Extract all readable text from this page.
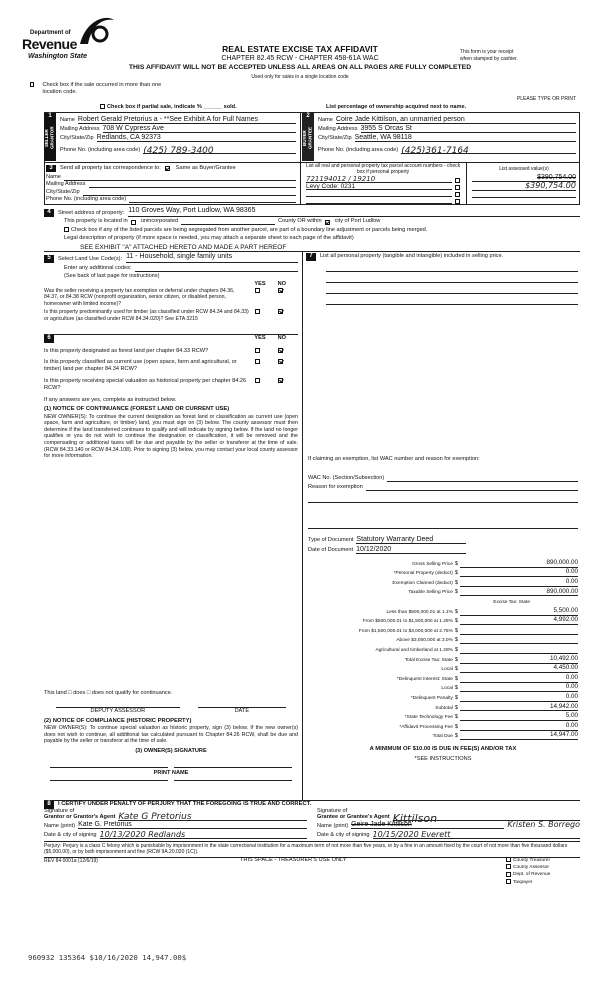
Department of
Revenue
Washington State
REAL ESTATE EXCISE TAX AFFIDAVIT
CHAPTER 82.45 RCW - CHAPTER 458-61A WAC
THIS AFFIDAVIT WILL NOT BE ACCEPTED UNLESS ALL AREAS ON ALL PAGES ARE FULLY COMPLETED
Used only for sales in a single location code
This form is your receipt
when stamped by cashier.
Check box if the sale occurred in more than one location code.
PLEASE TYPE OR PRINT
Check box if partial sale, indicate % ______ sold.	List percentage of ownership acquired next to name.
1
SELLER GRANTOR
Name Robert Gerald Pretorius a - **See Exhibit A for Full Names
Mailing Address 708 W Cypress Ave
City/State/Zip Redlands, CA 92373
Phone No. (including area code) (425) 789-3400
2
BUYER GRANTEE
Name Coire Jade Kittilson, an unmarried person
Mailing Address 3955 S Orcas St
City/State/Zip Seattle, WA 98118
Phone No. (including area code) (425)361-7164
3	Send all property tax correspondence to:	Same as Buyer/Grantee
Name
Mailing Address
City/State/Zip
Phone No. (including area code)
List all real and personal property tax parcel account numbers - check box if personal property
List assessed value(s)
721194012 / 19210
Levy Code: 0231
$390,754.00
$390,754.00
4	Street address of property: 110 Groves Way, Port Ludlow, WA 98365
This property is located in unincorporated	County OR within city of Port Ludlow
Check box if any of the listed parcels are being segregated from another parcel, are part of a boundary line adjustment or parcels being merged.
Legal description of property (if more space is needed, you may attach a separate sheet to each page of the affidavit)
SEE EXHIBIT "A" ATTACHED HERETO AND MADE A PART HEREOF
5	Select Land Use Code(s): 11 - Household, single family units
Enter any additional codes:
(See back of last page for instructions)
YES NO
Was the seller receiving a property tax exemption or deferral under chapters 84.36, 84.37, or 84.38 RCW (nonprofit organization, senior citizen, or disabled person, homeowner with limited income)?
Is this property predominantly used for timber (as classified under RCW 84.34 and 84.33) or agriculture (as classified under RCW 84.34.020)? See ETA 3215
6	YES NO
Is this property designated as forest land per chapter 84.33 RCW?
Is this property classified as current use (open space, farm and agricultural, or timber) land per chapter 84.34 RCW?
Is this property receiving special valuation as historical property per chapter 84.26 RCW?
If any answers are yes, complete as instructed below.
(1) NOTICE OF CONTINUANCE (FOREST LAND OR CURRENT USE)
NEW OWNER(S): To continue the current designation as forest land or classification as current use (open space, farm and agriculture, or timber) land, you must sign on (3) below. The county assessor must then determine if the land transferred continues to qualify and will indicate by signing below. If the land no longer qualifies or you do not wish to continue the designation or classification, it will be removed and the compensating or additional taxes will be due and payable by the seller or transferor at the time of sale. (RCW 84.33.140 or RCW 84.34.108). Prior to signing (3) below, you may contact your local county assessor for more information.
This land □ does □ does not qualify for continuance.
DEPUTY ASSESSOR	DATE
(2) NOTICE OF COMPLIANCE (HISTORIC PROPERTY)
NEW OWNER(S): To continue special valuation as historic property, sign (3) below. If the new owner(s) does not wish to continue, all additional tax calculated pursuant to Chapter 84.26 RCW, shall be due and payable by the seller or transferor at the time of sale.
(3) OWNER(S) SIGNATURE
PRINT NAME
7	List all personal property (tangible and intangible) included in selling price.
If claiming an exemption, list WAC number and reason for exemption:
WAC No. (Section/Subsection)
Reason for exemption
Type of Document Statutory Warranty Deed
Date of Document 10/12/2020
Gross Selling Price $	890,000.00
*Personal Property (deduct) $	0.00
Exemption Claimed (deduct) $	0.00
Taxable Selling Price $	890,000.00
Excise Tax: State
Less than $500,000.01 at 1.1% $	5,500.00
From $500,000.01 to $1,500,000 at 1.28% $	4,992.00
From $1,500,000.01 to $3,000,000 at 2.75% $
Above $3,000,000 at 3.0% $
Agricultural and timberland at 1.28% $
Total Excise Tax: State $	10,492.00
Local $	4,450.00
*Delinquent Interest: State $	0.00
Local $	0.00
*Delinquent Penalty $	0.00
Subtotal $	14,942.00
*State Technology Fee $	5.00
*Affidavit Processing Fee $	0.00
Total Due $	14,947.00
A MINIMUM OF $10.00 IS DUE IN FEE(S) AND/OR TAX
*SEE INSTRUCTIONS
8	I CERTIFY UNDER PENALTY OF PERJURY THAT THE FOREGOING IS TRUE AND CORRECT.
Signature of
Grantor or Grantor's Agent Kate G Pretorius
Name (print) Kate G. Pretorius
Date & city of signing 10/13/2020 Redlands
Signature of
Grantee or Grantee's Agent Kittilson
Name (print) Geire Jade Kittilson	Kristen S. Borrego
Date & city of signing 10/15/2020 Everett
Perjury: Perjury is a class C felony which is punishable by imprisonment in the state correctional institution for a maximum term of not more than five years, or by a fine in an amount fixed by the court of not more than five thousand dollars ($5,000.00), or by both imprisonment and fine (RCW 9A.20.020 (1C)).
REV 84 0001a (12/6/19)	THIS SPACE - TREASURER'S USE ONLY	County Treasurer
County Assessor
Dept. of Revenue
Taxpayer
960932 135364 $10/16/2020 14,947.00$
